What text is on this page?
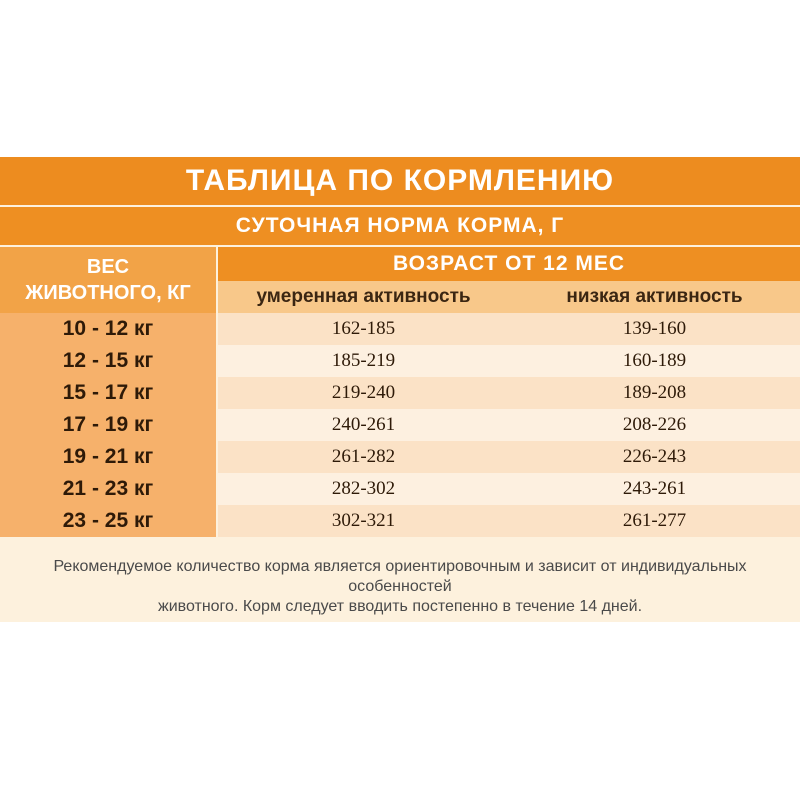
ТАБЛИЦА ПО КОРМЛЕНИЮ
СУТОЧНАЯ НОРМА КОРМА, Г
ВЕС
ЖИВОТНОГО, КГ
ВОЗРАСТ ОТ 12 МЕС
умеренная активность	низкая активность
10 - 12 кг	162-185	139-160
12 - 15 кг	185-219	160-189
15 - 17 кг	219-240	189-208
17 - 19 кг	240-261	208-226
19 - 21 кг	261-282	226-243
21 - 23 кг	282-302	243-261
23 - 25 кг	302-321	261-277
Рекомендуемое количество корма является ориентировочным и зависит от индивидуальных особенностей
животного. Корм следует вводить постепенно в течение 14 дней.
